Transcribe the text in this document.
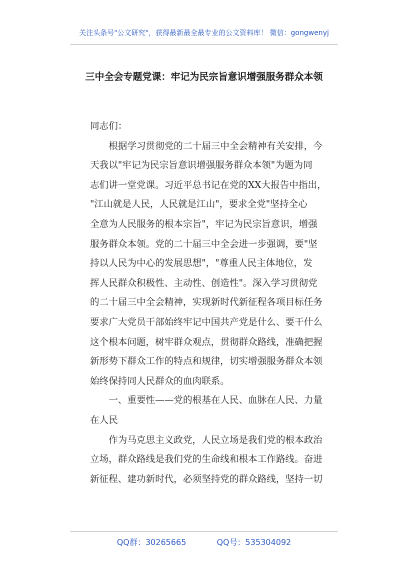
关注头条号"公文研究"，获得最新最全最专业的公文资料库！ 微信：gongwenyj
三中全会专题党课：牢记为民宗旨意识增强服务群众本领
同志们：
　　根据学习贯彻党的二十届三中全会精神有关安排，今
天我以"牢记为民宗旨意识增强服务群众本领"为题为同
志们讲一堂党课。习近平总书记在党的XX大报告中指出，
"江山就是人民，人民就是江山"，要求全党"坚持全心
全意为人民服务的根本宗旨"，牢记为民宗旨意识，增强
服务群众本领。党的二十届三中全会进一步强调，要"坚
持以人民为中心的发展思想"，"尊重人民主体地位，发
挥人民群众积极性、主动性、创造性"。深入学习贯彻党
的二十届三中全会精神，实现新时代新征程各项目标任务
要求广大党员干部始终牢记中国共产党是什么、要干什么
这个根本问题，树牢群众观点，贯彻群众路线，准确把握
新形势下群众工作的特点和规律，切实增强服务群众本领
始终保持同人民群众的血肉联系。
　　一、重要性——党的根基在人民、血脉在人民、力量
在人民
　　作为马克思主义政党，人民立场是我们党的根本政治
立场，群众路线是我们党的生命线和根本工作路线。奋进
新征程、建功新时代，必须坚持党的群众路线，坚持一切
QQ群：30265665	QQ号：535304092
